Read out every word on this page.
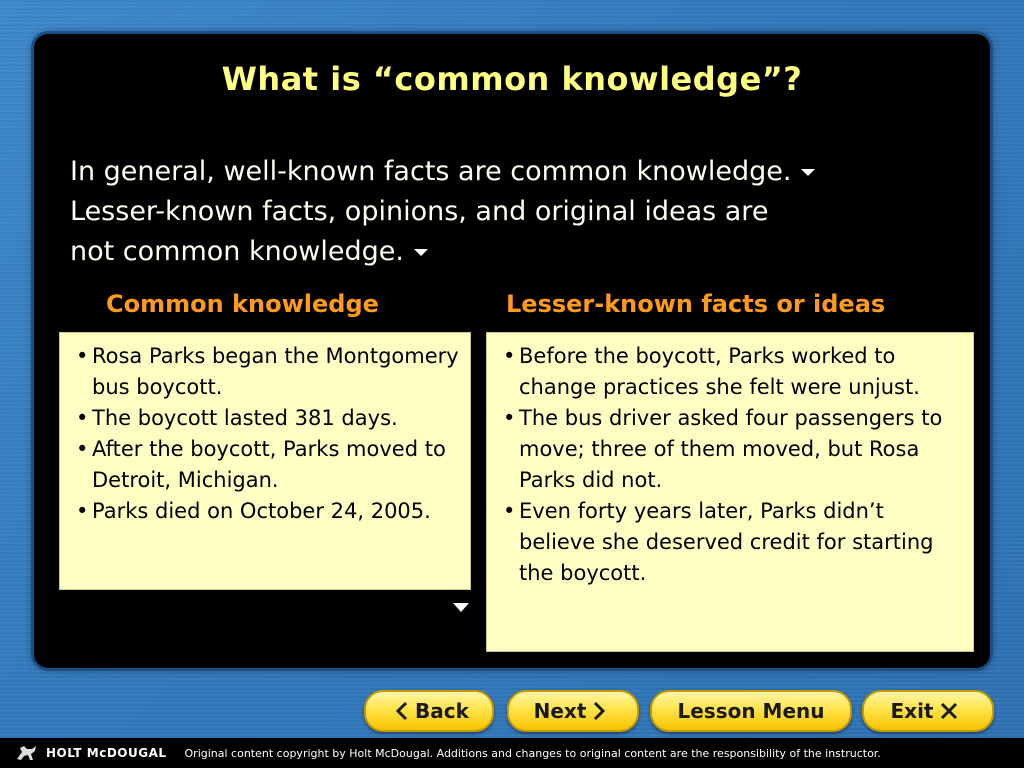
What is “common knowledge”?
In general, well-known facts are common knowledge.
Lesser-known facts, opinions, and original ideas are
not common knowledge.
Common knowledge	Lesser-known facts or ideas
• Rosa Parks began the Montgomery bus boycott.
• The boycott lasted 381 days.
• After the boycott, Parks moved to Detroit, Michigan.
• Parks died on October 24, 2005.
• Before the boycott, Parks worked to change practices she felt were unjust.
• The bus driver asked four passengers to move; three of them moved, but Rosa Parks did not.
• Even forty years later, Parks didn’t believe she deserved credit for starting the boycott.
Back	Next	Lesson Menu	Exit
HOLT McDOUGAL Original content copyright by Holt McDougal. Additions and changes to original content are the responsibility of the instructor.
